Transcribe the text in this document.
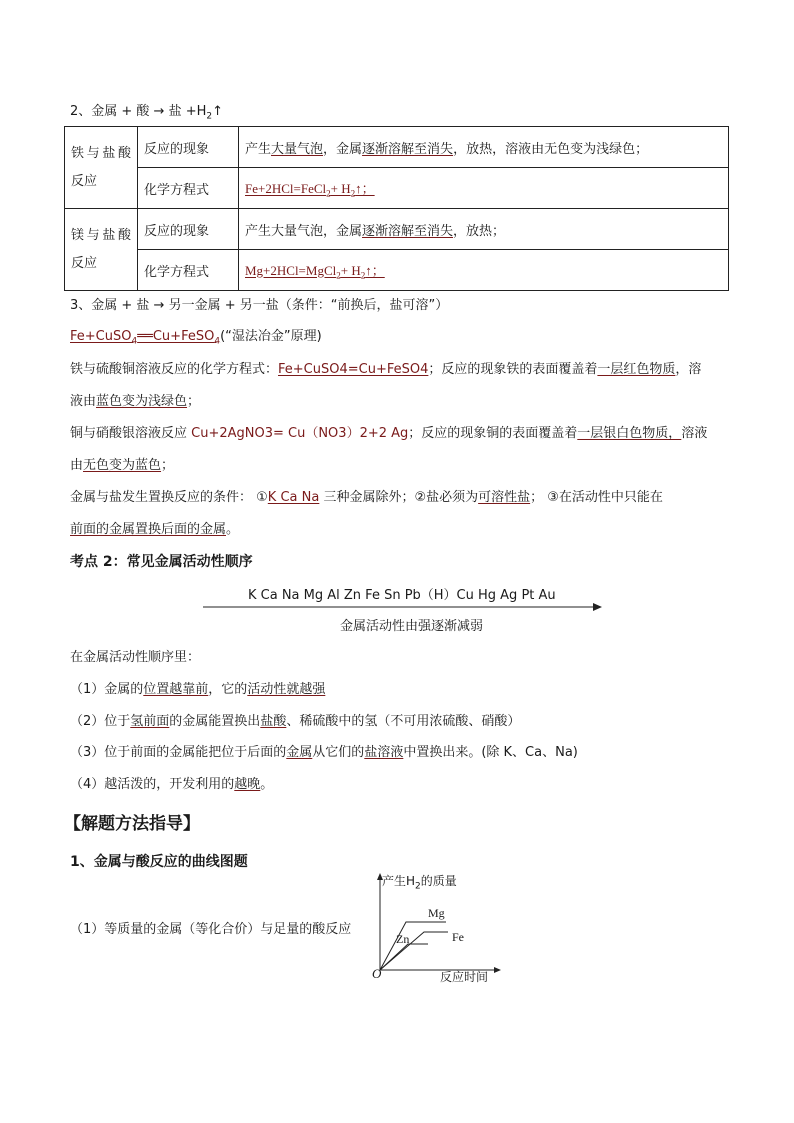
2、金属 + 酸 → 盐 $+H_2↑$
铁与盐酸反应	反应的现象	产生大量气泡，金属逐渐溶解至消失，放热，溶液由无色变为浅绿色；
	化学方程式	Fe+2HCl=FeCl$_2$+ $H_2↑$；
镁与盐酸反应	反应的现象	产生大量气泡，金属逐渐溶解至消失，放热；
	化学方程式	Mg+2HCl=MgCl$_2$+ $H_2↑$；
3、金属 + 盐 → 另一金属 + 另一盐（条件：“前换后，盐可溶”）
Fe+CuSO$_4$══Cu+FeSO$_4$(“湿法冶金”原理)
铁与硫酸铜溶液反应的化学方程式：Fe+CuSO4=Cu+FeSO4；反应的现象铁的表面覆盖着一层红色物质，溶
液由蓝色变为浅绿色；
铜与硝酸银溶液反应 Cu+2AgNO3= Cu（NO3）2+2 Ag；反应的现象铜的表面覆盖着一层银白色物质，溶液
由无色变为蓝色；
金属与盐发生置换反应的条件： ①K Ca Na 三种金属除外；②盐必须为可溶性盐； ③在活动性中只能在
前面的金属置换后面的金属。
考点 2：常见金属活动性顺序
K Ca Na Mg Al Zn Fe Sn Pb（H）Cu Hg Ag Pt Au
金属活动性由强逐渐减弱
在金属活动性顺序里：
（1）金属的位置越靠前，它的活动性就越强
（2）位于氢前面的金属能置换出盐酸、稀硫酸中的氢（不可用浓硫酸、硝酸）
（3）位于前面的金属能把位于后面的金属从它们的盐溶液中置换出来。(除 K、Ca、Na)
（4）越活泼的，开发利用的越晚。
【解题方法指导】
1、金属与酸反应的曲线图题
（1）等质量的金属（等化合价）与足量的酸反应
产生$H_2$的质量
Mg
Zn	Fe
O	反应时间
